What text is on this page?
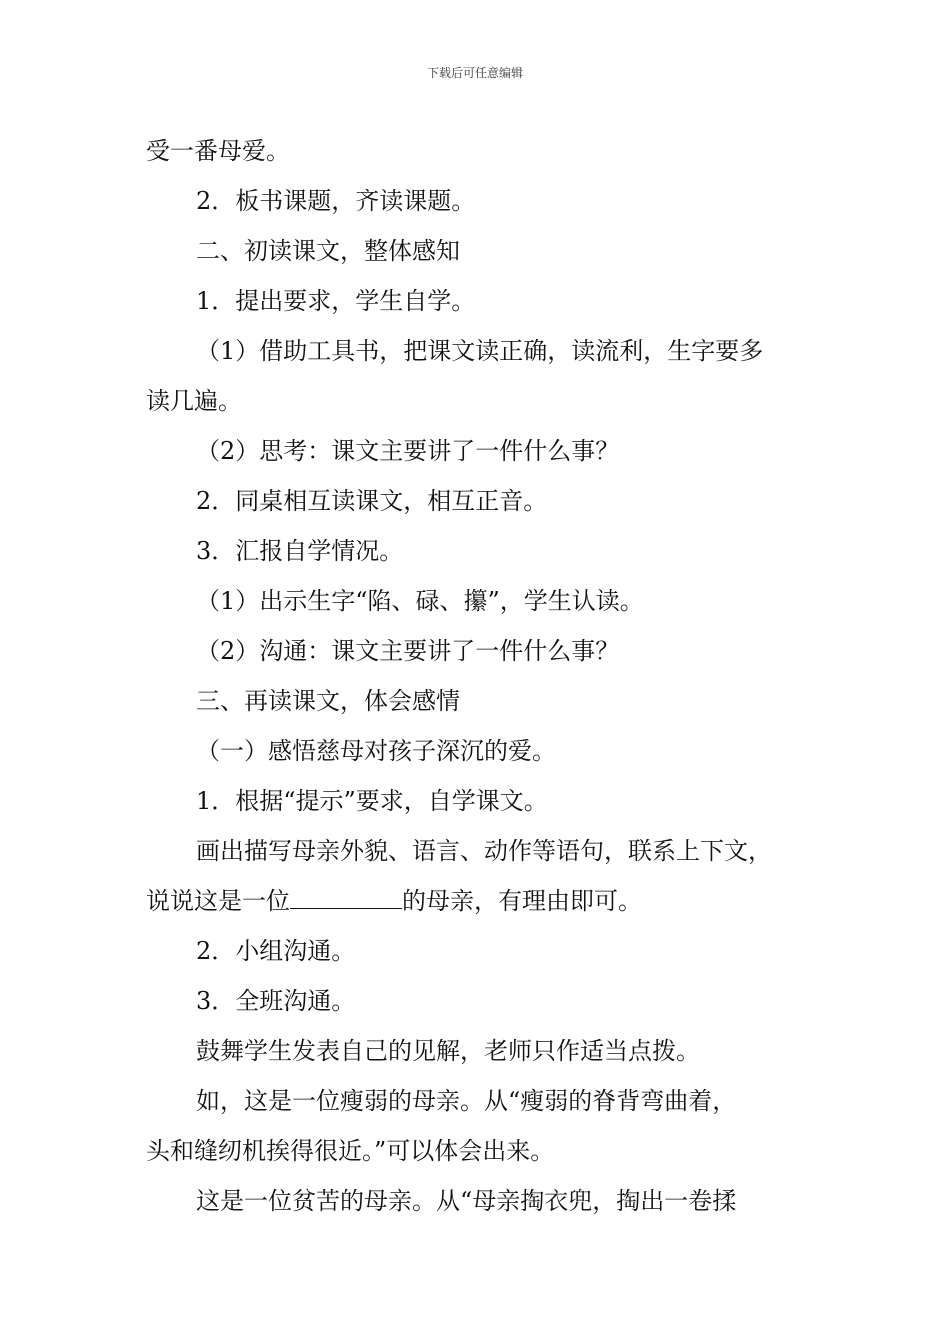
下载后可任意编辑
受一番母爱。
2．板书课题，齐读课题。
二、初读课文，整体感知
1．提出要求，学生自学。
（1）借助工具书，把课文读正确，读流利，生字要多
读几遍。
（2）思考：课文主要讲了一件什么事？
2．同桌相互读课文，相互正音。
3．汇报自学情况。
（1）出示生字“陷、碌、攥”，学生认读。
（2）沟通：课文主要讲了一件什么事？
三、再读课文，体会感情
（一）感悟慈母对孩子深沉的爱。
1．根据“提示”要求，自学课文。
画出描写母亲外貌、语言、动作等语句，联系上下文，
说说这是一位	的母亲，有理由即可。
2．小组沟通。
3．全班沟通。
鼓舞学生发表自己的见解，老师只作适当点拨。
如，这是一位瘦弱的母亲。从“瘦弱的脊背弯曲着，
头和缝纫机挨得很近。”可以体会出来。
这是一位贫苦的母亲。从“母亲掏衣兜，掏出一卷揉
